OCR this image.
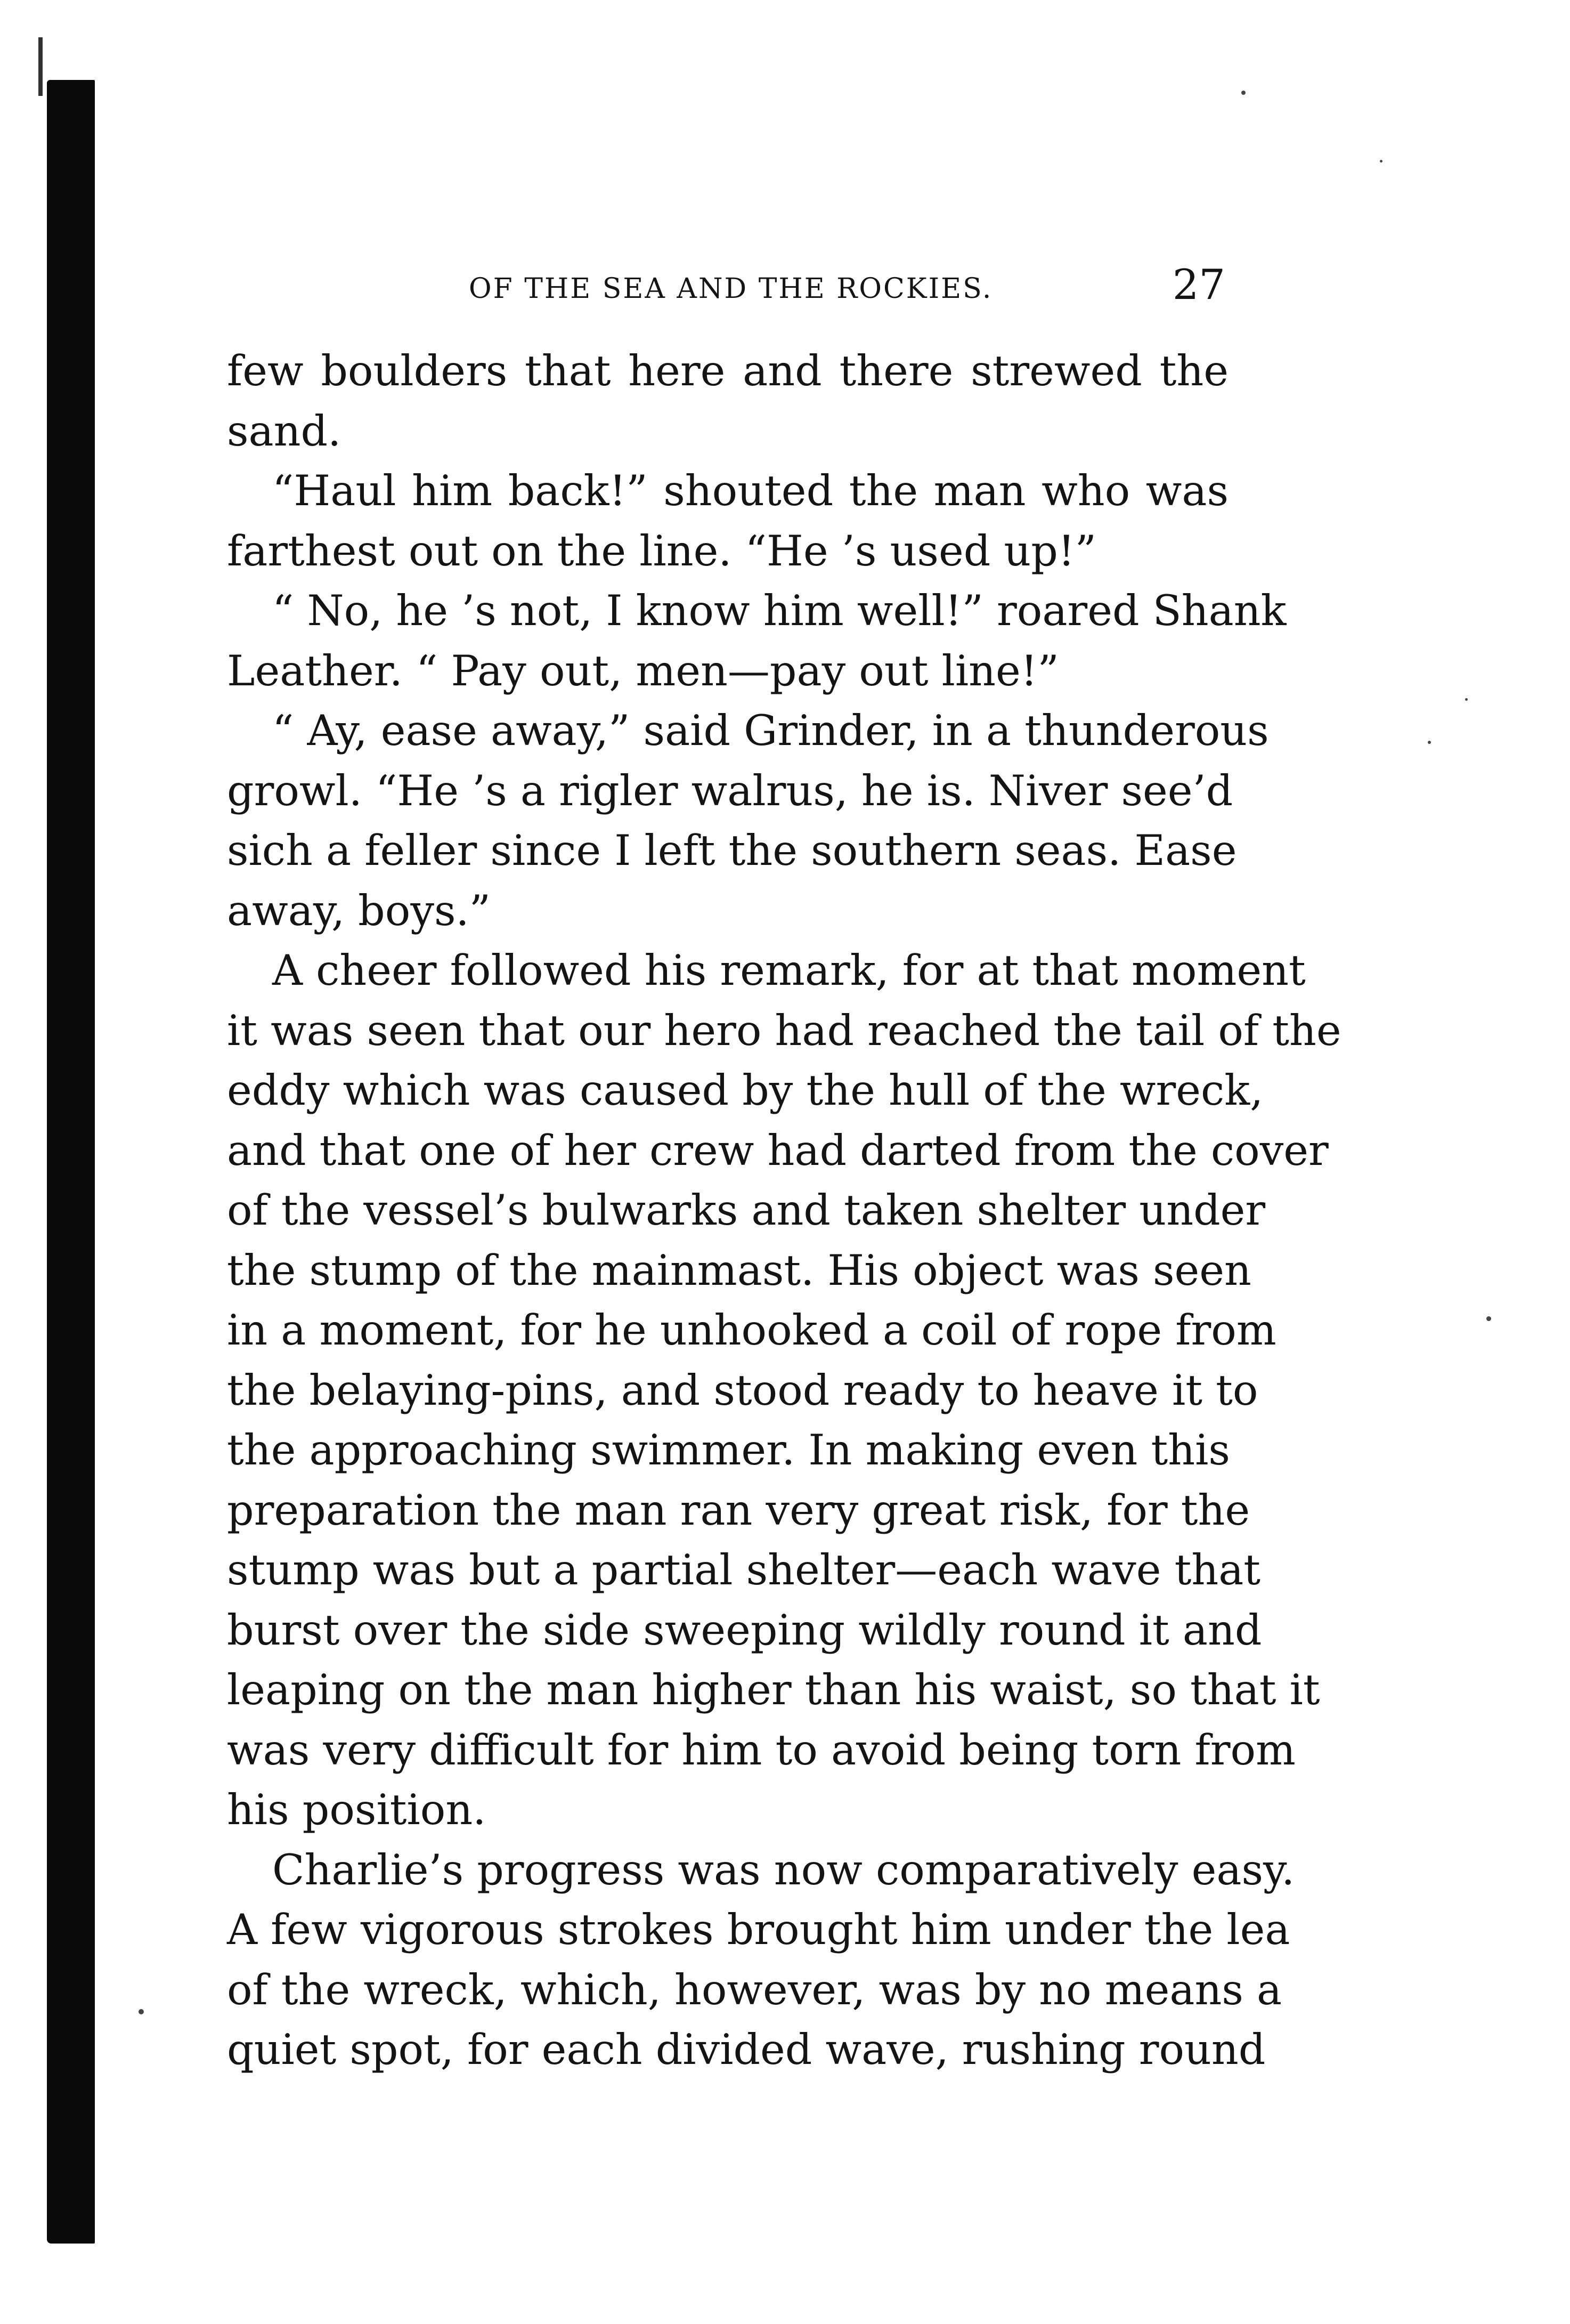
OF THE SEA AND THE ROCKIES.	27
few boulders that here and there strewed the
sand.
“Haul him back!” shouted the man who was
farthest out on the line. “He ’s used up!”
“ No, he ’s not, I know him well!” roared Shank
Leather. “ Pay out, men—pay out line!”
“ Ay, ease away,” said Grinder, in a thunderous
growl. “He ’s a rigler walrus, he is. Niver see’d
sich a feller since I left the southern seas. Ease
away, boys.”
A cheer followed his remark, for at that moment
it was seen that our hero had reached the tail of the
eddy which was caused by the hull of the wreck,
and that one of her crew had darted from the cover
of the vessel’s bulwarks and taken shelter under
the stump of the mainmast. His object was seen
in a moment, for he unhooked a coil of rope from
the belaying-pins, and stood ready to heave it to
the approaching swimmer. In making even this
preparation the man ran very great risk, for the
stump was but a partial shelter—each wave that
burst over the side sweeping wildly round it and
leaping on the man higher than his waist, so that it
was very difficult for him to avoid being torn from
his position.
Charlie’s progress was now comparatively easy.
A few vigorous strokes brought him under the lea
of the wreck, which, however, was by no means a
quiet spot, for each divided wave, rushing round
